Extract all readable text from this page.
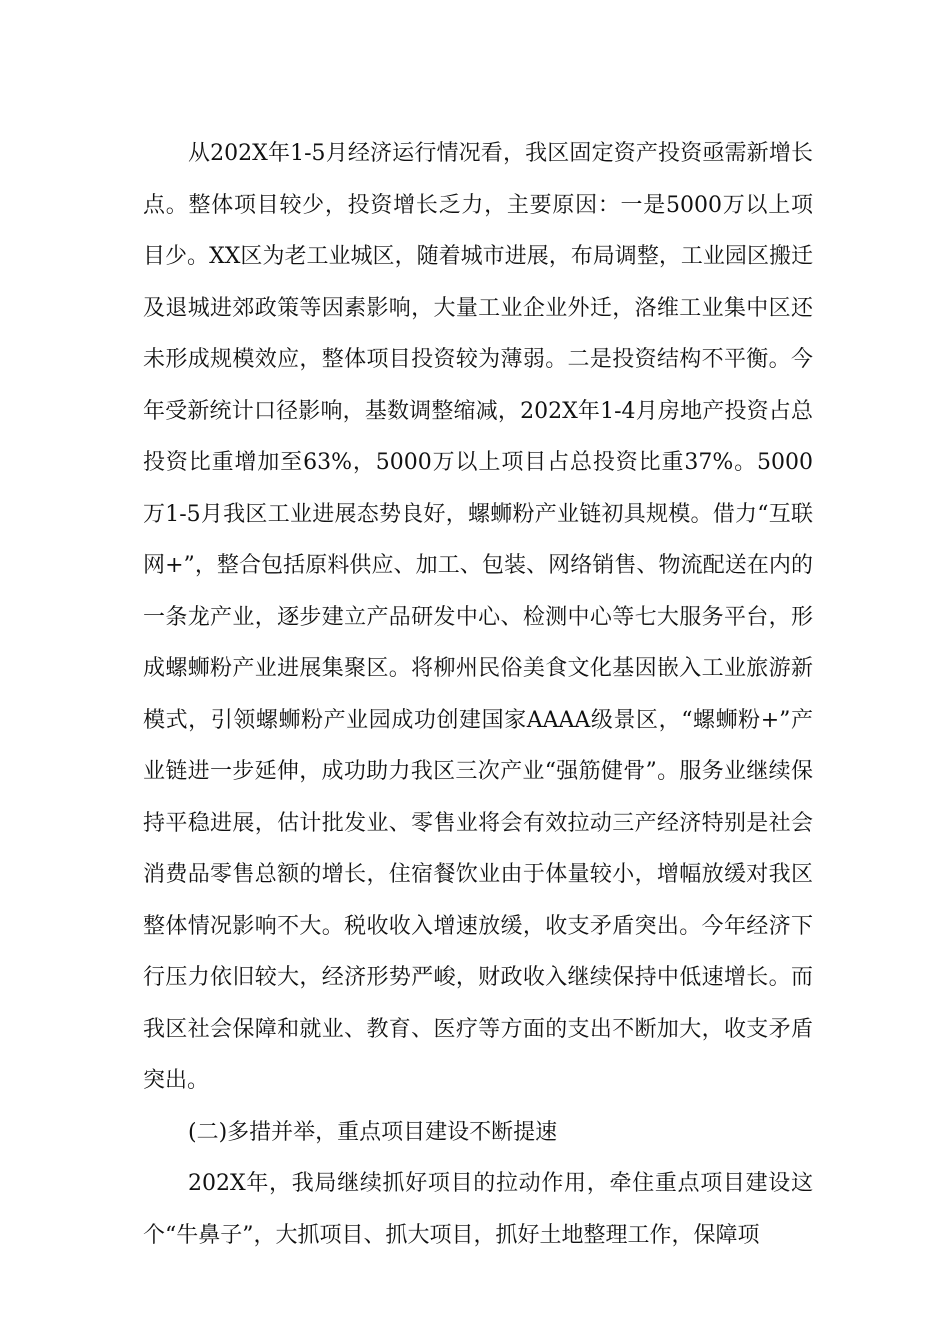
从202X年1-5月经济运行情况看，我区固定资产投资亟需新增长点。整体项目较少，投资增长乏力，主要原因：一是5000万以上项目少。XX区为老工业城区，随着城市进展，布局调整，工业园区搬迁及退城进郊政策等因素影响，大量工业企业外迁，洛维工业集中区还未形成规模效应，整体项目投资较为薄弱。二是投资结构不平衡。今年受新统计口径影响，基数调整缩减，202X年1-4月房地产投资占总投资比重增加至63%，5000万以上项目占总投资比重37%。5000万1-5月我区工业进展态势良好，螺蛳粉产业链初具规模。借力“互联网+”，整合包括原料供应、加工、包装、网络销售、物流配送在内的一条龙产业，逐步建立产品研发中心、检测中心等七大服务平台，形成螺蛳粉产业进展集聚区。将柳州民俗美食文化基因嵌入工业旅游新模式，引领螺蛳粉产业园成功创建国家AAAA级景区，“螺蛳粉+”产业链进一步延伸，成功助力我区三次产业“强筋健骨”。服务业继续保持平稳进展，估计批发业、零售业将会有效拉动三产经济特别是社会消费品零售总额的增长，住宿餐饮业由于体量较小，增幅放缓对我区整体情况影响不大。税收收入增速放缓，收支矛盾突出。今年经济下行压力依旧较大，经济形势严峻，财政收入继续保持中低速增长。而我区社会保障和就业、教育、医疗等方面的支出不断加大，收支矛盾突出。

(二)多措并举，重点项目建设不断提速

202X年，我局继续抓好项目的拉动作用，牵住重点项目建设这个“牛鼻子”，大抓项目、抓大项目，抓好土地整理工作，保障项
